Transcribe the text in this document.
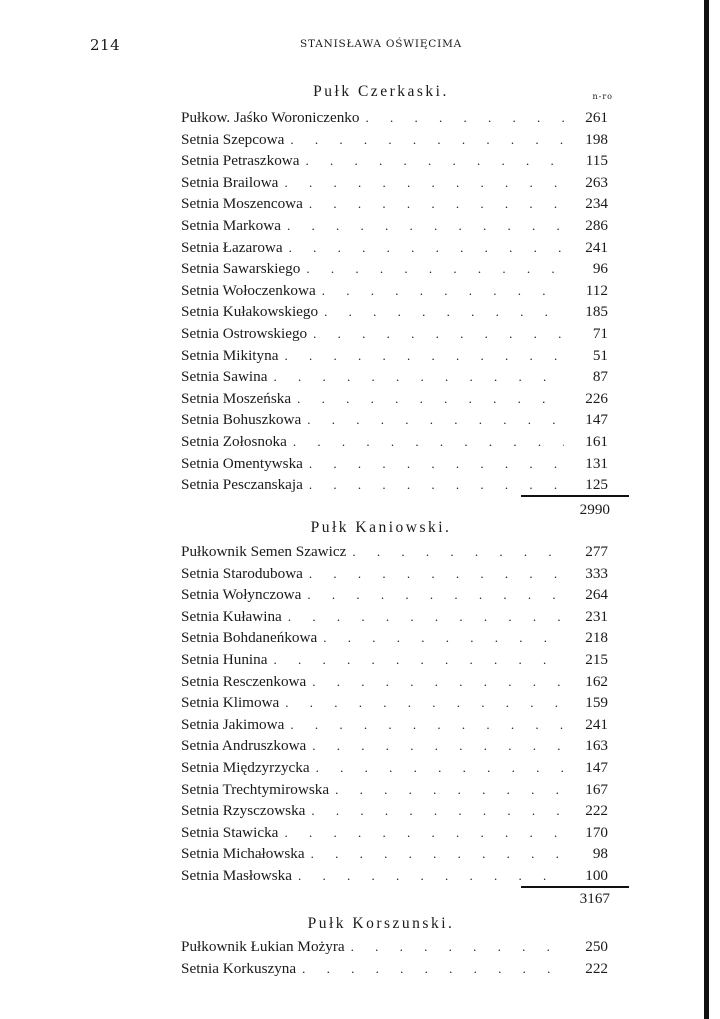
214	STANISŁAWA OŚWIĘCIMA
n-ro
Pułk Czerkaski.
Pułkow. Jaśko Woroniczenko . . .	261
Setnia Szepcowa . . .	198
Setnia Petraszkowa . . .	115
Setnia Brailowa . . .	263
Setnia Moszencowa . . .	234
Setnia Markowa . . .	286
Setnia Łazarowa . . .	241
Setnia Sawarskiego . . .	96
Setnia Wołoczenkowa . . .	112
Setnia Kułakowskiego . . .	185
Setnia Ostrowskiego . . .	71
Setnia Mikityna . . .	51
Setnia Sawina . . .	87
Setnia Moszeńska . . .	226
Setnia Bohuszkowa . . .	147
Setnia Zołosnoka . . .	161
Setnia Omentywska . . .	131
Setnia Pesczanskaja . . .	125
2990
Pułk Kaniowski.
Pułkownik Semen Szawicz . . .	277
Setnia Starodubowa . . .	333
Setnia Wołynczowa . . .	264
Setnia Kuławina . . .	231
Setnia Bohdaneńkowa . . .	218
Setnia Hunina . . .	215
Setnia Resczenkowa . . .	162
Setnia Klimowa . . .	159
Setnia Jakimowa . . .	241
Setnia Andruszkowa . . .	163
Setnia Międzyrzycka . . .	147
Setnia Trechtymirowska . . .	167
Setnia Rzysczowska . . .	222
Setnia Stawicka . . .	170
Setnia Michałowska . . .	98
Setnia Masłowska . . .	100
3167
Pułk Korszunski.
Pułkownik Łukian Możyra . . .	250
Setnia Korkuszyna . . .	222
